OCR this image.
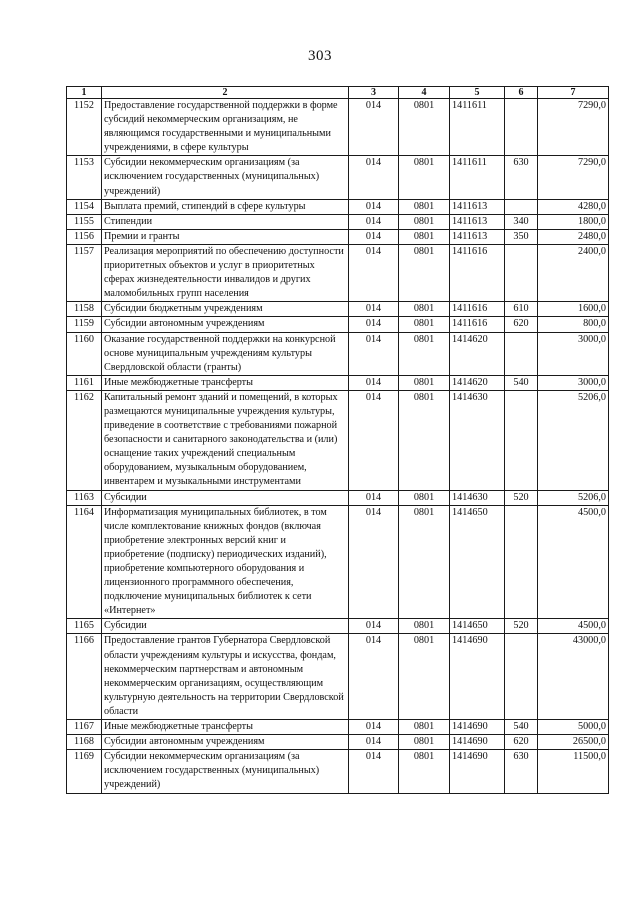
303
1	2	3	4	5	6	7
1152	Предоставление государственной поддержки в форме субсидий некоммерческим организациям, не являющимся государственными и муниципальными учреждениями, в сфере культуры	014	0801	1411611		7290,0
1153	Субсидии некоммерческим организациям (за исключением государственных (муниципальных) учреждений)	014	0801	1411611	630	7290,0
1154	Выплата премий, стипендий в сфере культуры	014	0801	1411613		4280,0
1155	Стипендии	014	0801	1411613	340	1800,0
1156	Премии и гранты	014	0801	1411613	350	2480,0
1157	Реализация мероприятий по обеспечению доступности приоритетных объектов и услуг в приоритетных сферах жизнедеятельности инвалидов и других маломобильных групп населения	014	0801	1411616		2400,0
1158	Субсидии бюджетным учреждениям	014	0801	1411616	610	1600,0
1159	Субсидии автономным учреждениям	014	0801	1411616	620	800,0
1160	Оказание государственной поддержки на конкурсной основе муниципальным учреждениям культуры Свердловской области (гранты)	014	0801	1414620		3000,0
1161	Иные межбюджетные трансферты	014	0801	1414620	540	3000,0
1162	Капитальный ремонт зданий и помещений, в которых размещаются муниципальные учреждения культуры, приведение в соответствие с требованиями пожарной безопасности и санитарного законодательства и (или) оснащение таких учреждений специальным оборудованием, музыкальным оборудованием, инвентарем и музыкальными инструментами	014	0801	1414630		5206,0
1163	Субсидии	014	0801	1414630	520	5206,0
1164	Информатизация муниципальных библиотек, в том числе комплектование книжных фондов (включая приобретение электронных версий книг и приобретение (подписку) периодических изданий), приобретение компьютерного оборудования и лицензионного программного обеспечения, подключение муниципальных библиотек к сети «Интернет»	014	0801	1414650		4500,0
1165	Субсидии	014	0801	1414650	520	4500,0
1166	Предоставление грантов Губернатора Свердловской области учреждениям культуры и искусства, фондам, некоммерческим партнерствам и автономным некоммерческим организациям, осуществляющим культурную деятельность на территории Свердловской области	014	0801	1414690		43000,0
1167	Иные межбюджетные трансферты	014	0801	1414690	540	5000,0
1168	Субсидии автономным учреждениям	014	0801	1414690	620	26500,0
1169	Субсидии некоммерческим организациям (за исключением государственных (муниципальных) учреждений)	014	0801	1414690	630	11500,0
